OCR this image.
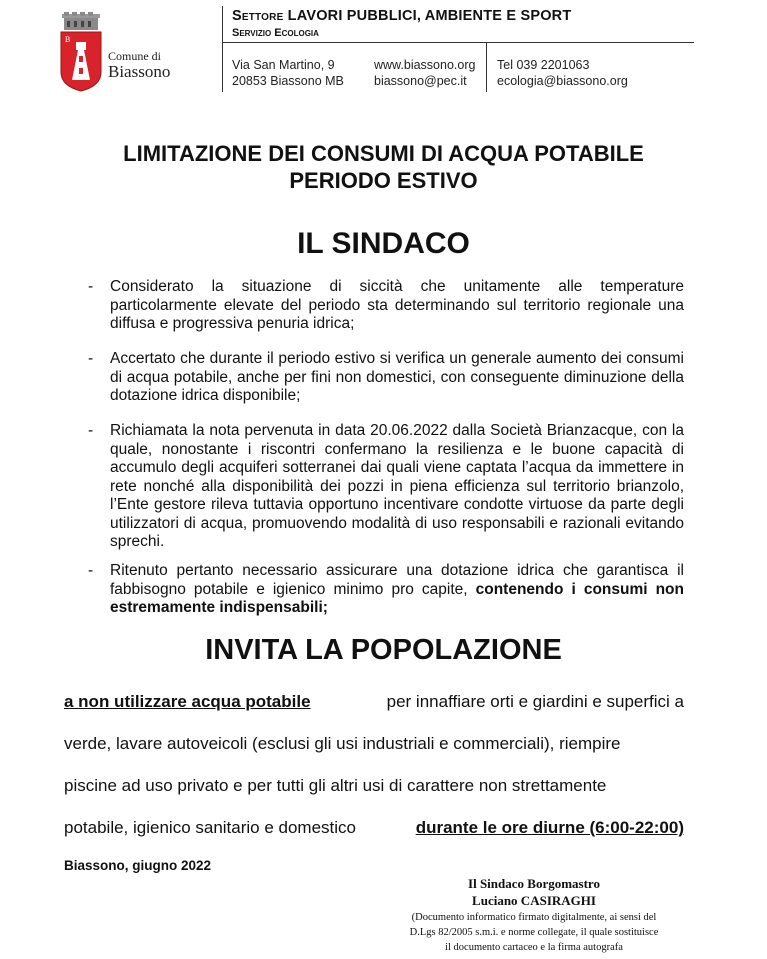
B
Comune di
Biassono
Settore LAVORI PUBBLICI, AMBIENTE E SPORT
Servizio Ecologia
Via San Martino, 9
20853 Biassono MB
www.biassono.org
biassono@pec.it
Tel 039 2201063
ecologia@biassono.org
LIMITAZIONE DEI CONSUMI DI ACQUA POTABILE
PERIODO ESTIVO
IL SINDACO
- Considerato la situazione di siccità che unitamente alle temperature particolarmente elevate del periodo sta determinando sul territorio regionale una diffusa e progressiva penuria idrica;
- Accertato che durante il periodo estivo si verifica un generale aumento dei consumi di acqua potabile, anche per fini non domestici, con conseguente diminuzione della dotazione idrica disponibile;
- Richiamata la nota pervenuta in data 20.06.2022 dalla Società Brianzacque, con la quale, nonostante i riscontri confermano la resilienza e le buone capacità di accumulo degli acquiferi sotterranei dai quali viene captata l’acqua da immettere in rete nonché alla disponibilità dei pozzi in piena efficienza sul territorio brianzolo, l’Ente gestore rileva tuttavia opportuno incentivare condotte virtuose da parte degli utilizzatori di acqua, promuovendo modalità di uso responsabili e razionali evitando sprechi.
- Ritenuto pertanto necessario assicurare una dotazione idrica che garantisca il fabbisogno potabile e igienico minimo pro capite, contenendo i consumi non estremamente indispensabili;
INVITA LA POPOLAZIONE
a non utilizzare acqua potabile	per innaffiare orti e giardini e superfici a
verde, lavare autoveicoli (esclusi gli usi industriali e commerciali), riempire
piscine ad uso privato e per tutti gli altri usi di carattere non strettamente
potabile, igienico sanitario e domestico	durante le ore diurne (6:00-22:00)
Biassono, giugno 2022
Il Sindaco Borgomastro
Luciano CASIRAGHI
(Documento informatico firmato digitalmente, ai sensi del
D.Lgs 82/2005 s.m.i. e norme collegate, il quale sostituisce
il documento cartaceo e la firma autografa
